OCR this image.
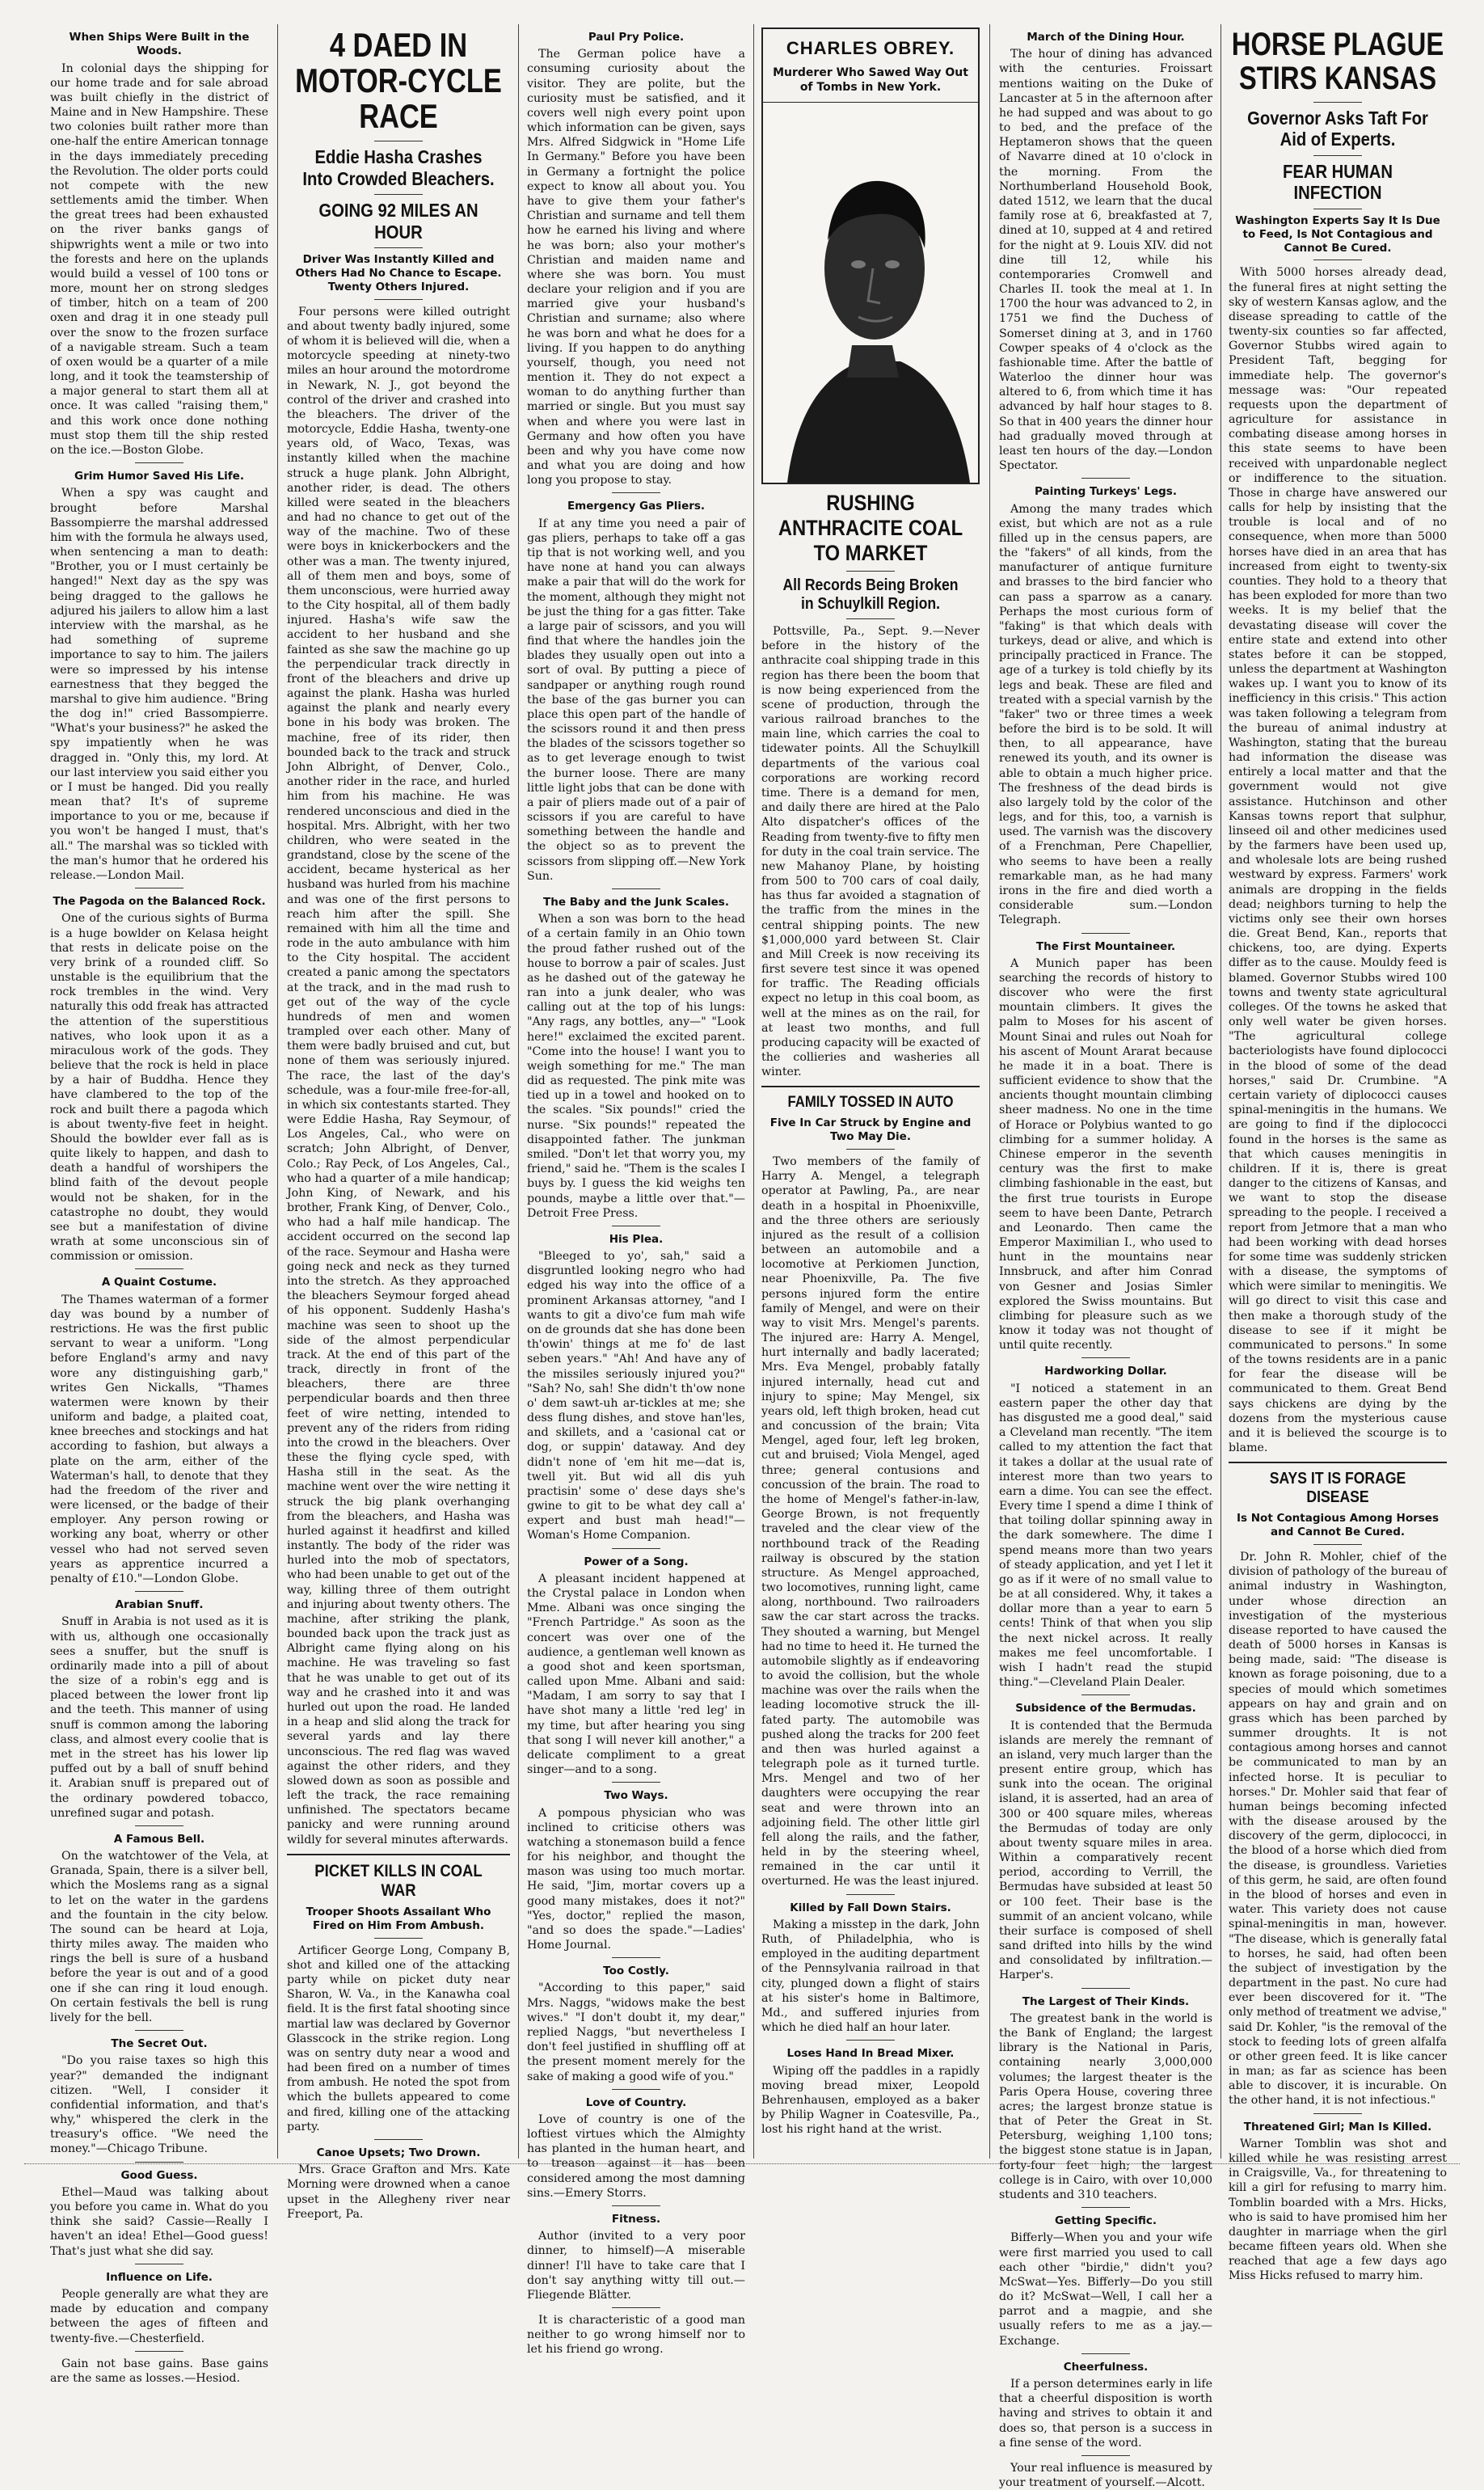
When Ships Were Built in the Woods.

In colonial days the shipping for our home trade and for sale abroad was built chiefly in the district of Maine and in New Hampshire. These two colonies built rather more than one-half the entire American tonnage in the days immediately preceding the Revolution. The older ports could not compete with the new settlements amid the timber. When the great trees had been exhausted on the river banks gangs of shipwrights went a mile or two into the forests and here on the uplands would build a vessel of 100 tons or more, mount her on strong sledges of timber, hitch on a team of 200 oxen and drag it in one steady pull over the snow to the frozen surface of a navigable stream. Such a team of oxen would be a quarter of a mile long, and it took the teamstership of a major general to start them all at once. It was called "raising them," and this work once done nothing must stop them till the ship rested on the ice.—Boston Globe.

Grim Humor Saved His Life.

When a spy was caught and brought before Marshal Bassompierre the marshal addressed him with the formula he always used, when sentencing a man to death: "Brother, you or I must certainly be hanged!" Next day as the spy was being dragged to the gallows he adjured his jailers to allow him a last interview with the marshal, as he had something of supreme importance to say to him. The jailers were so impressed by his intense earnestness that they begged the marshal to give him audience. "Bring the dog in!" cried Bassompierre. "What's your business?" he asked the spy impatiently when he was dragged in. "Only this, my lord. At our last interview you said either you or I must be hanged. Did you really mean that? It's of supreme importance to you or me, because if you won't be hanged I must, that's all." The marshal was so tickled with the man's humor that he ordered his release.—London Mail.

The Pagoda on the Balanced Rock.

One of the curious sights of Burma is a huge bowlder on Kelasa height that rests in delicate poise on the very brink of a rounded cliff. So unstable is the equilibrium that the rock trembles in the wind. Very naturally this odd freak has attracted the attention of the superstitious natives, who look upon it as a miraculous work of the gods. They believe that the rock is held in place by a hair of Buddha. Hence they have clambered to the top of the rock and built there a pagoda which is about twenty-five feet in height. Should the bowlder ever fall as is quite likely to happen, and dash to death a handful of worshipers the blind faith of the devout people would not be shaken, for in the catastrophe no doubt, they would see but a manifestation of divine wrath at some unconscious sin of commission or omission.

A Quaint Costume.

The Thames waterman of a former day was bound by a number of restrictions. He was the first public servant to wear a uniform. "Long before England's army and navy wore any distinguishing garb," writes Gen Nickalls, "Thames watermen were known by their uniform and badge, a plaited coat, knee breeches and stockings and hat according to fashion, but always a plate on the arm, either of the Waterman's hall, to denote that they had the freedom of the river and were licensed, or the badge of their employer. Any person rowing or working any boat, wherry or other vessel who had not served seven years as apprentice incurred a penalty of £10."—London Globe.

Arabian Snuff.

Snuff in Arabia is not used as it is with us, although one occasionally sees a snuffer, but the snuff is ordinarily made into a pill of about the size of a robin's egg and is placed between the lower front lip and the teeth. This manner of using snuff is common among the laboring class, and almost every coolie that is met in the street has his lower lip puffed out by a ball of snuff behind it. Arabian snuff is prepared out of the ordinary powdered tobacco, unrefined sugar and potash.

A Famous Bell.

On the watchtower of the Vela, at Granada, Spain, there is a silver bell, which the Moslems rang as a signal to let on the water in the gardens and the fountain in the city below. The sound can be heard at Loja, thirty miles away. The maiden who rings the bell is sure of a husband before the year is out and of a good one if she can ring it loud enough. On certain festivals the bell is rung lively for the bell.

The Secret Out.

"Do you raise taxes so high this year?" demanded the indignant citizen. "Well, I consider it confidential information, and that's why," whispered the clerk in the treasury's office. "We need the money."—Chicago Tribune.

Good Guess.

Ethel—Maud was talking about you before you came in. What do you think she said? Cassie—Really I haven't an idea! Ethel—Good guess! That's just what she did say.

Influence on Life.

People generally are what they are made by education and company between the ages of fifteen and twenty-five.—Chesterfield.

Gain not base gains. Base gains are the same as losses.—Hesiod.

4 DAED IN MOTOR-CYCLE RACE
Eddie Hasha Crashes Into Crowded Bleachers.
GOING 92 MILES AN HOUR
Driver Was Instantly Killed and Others Had No Chance to Escape. Twenty Others Injured.

Four persons were killed outright and about twenty badly injured, some of whom it is believed will die, when a motorcycle speeding at ninety-two miles an hour around the motordrome in Newark, N. J., got beyond the control of the driver and crashed into the bleachers. The driver of the motorcycle, Eddie Hasha, twenty-one years old, of Waco, Texas, was instantly killed when the machine struck a huge plank. John Albright, another rider, is dead. The others killed were seated in the bleachers and had no chance to get out of the way of the machine. Two of these were boys in knickerbockers and the other was a man. The twenty injured, all of them men and boys, some of them unconscious, were hurried away to the City hospital, all of them badly injured. Hasha's wife saw the accident to her husband and she fainted as she saw the machine go up the perpendicular track directly in front of the bleachers and drive up against the plank. Hasha was hurled against the plank and nearly every bone in his body was broken. The machine, free of its rider, then bounded back to the track and struck John Albright, of Denver, Colo., another rider in the race, and hurled him from his machine. He was rendered unconscious and died in the hospital. Mrs. Albright, with her two children, who were seated in the grandstand, close by the scene of the accident, became hysterical as her husband was hurled from his machine and was one of the first persons to reach him after the spill. She remained with him all the time and rode in the auto ambulance with him to the City hospital. The accident created a panic among the spectators at the track, and in the mad rush to get out of the way of the cycle hundreds of men and women trampled over each other. Many of them were badly bruised and cut, but none of them was seriously injured. The race, the last of the day's schedule, was a four-mile free-for-all, in which six contestants started. They were Eddie Hasha, Ray Seymour, of Los Angeles, Cal., who were on scratch; John Albright, of Denver, Colo.; Ray Peck, of Los Angeles, Cal., who had a quarter of a mile handicap; John King, of Newark, and his brother, Frank King, of Denver, Colo., who had a half mile handicap. The accident occurred on the second lap of the race. Seymour and Hasha were going neck and neck as they turned into the stretch. As they approached the bleachers Seymour forged ahead of his opponent. Suddenly Hasha's machine was seen to shoot up the side of the almost perpendicular track. At the end of this part of the track, directly in front of the bleachers, there are three perpendicular boards and then three feet of wire netting, intended to prevent any of the riders from riding into the crowd in the bleachers. Over these the flying cycle sped, with Hasha still in the seat. As the machine went over the wire netting it struck the big plank overhanging from the bleachers, and Hasha was hurled against it headfirst and killed instantly. The body of the rider was hurled into the mob of spectators, who had been unable to get out of the way, killing three of them outright and injuring about twenty others. The machine, after striking the plank, bounded back upon the track just as Albright came flying along on his machine. He was traveling so fast that he was unable to get out of its way and he crashed into it and was hurled out upon the road. He landed in a heap and slid along the track for several yards and lay there unconscious. The red flag was waved against the other riders, and they slowed down as soon as possible and left the track, the race remaining unfinished. The spectators became panicky and were running around wildly for several minutes afterwards.

PICKET KILLS IN COAL WAR
Trooper Shoots Assailant Who Fired on Him From Ambush.

Artificer George Long, Company B, shot and killed one of the attacking party while on picket duty near Sharon, W. Va., in the Kanawha coal field. It is the first fatal shooting since martial law was declared by Governor Glasscock in the strike region. Long was on sentry duty near a wood and had been fired on a number of times from ambush. He noted the spot from which the bullets appeared to come and fired, killing one of the attacking party.

Canoe Upsets; Two Drown.

Mrs. Grace Grafton and Mrs. Kate Morning were drowned when a canoe upset in the Allegheny river near Freeport, Pa.

Paul Pry Police.

The German police have a consuming curiosity about the visitor. They are polite, but the curiosity must be satisfied, and it covers well nigh every point upon which information can be given, says Mrs. Alfred Sidgwick in "Home Life In Germany." Before you have been in Germany a fortnight the police expect to know all about you. You have to give them your father's Christian and surname and tell them how he earned his living and where he was born; also your mother's Christian and maiden name and where she was born. You must declare your religion and if you are married give your husband's Christian and surname; also where he was born and what he does for a living. If you happen to do anything yourself, though, you need not mention it. They do not expect a woman to do anything further than married or single. But you must say when and where you were last in Germany and how often you have been and why you have come now and what you are doing and how long you propose to stay.

Emergency Gas Pliers.

If at any time you need a pair of gas pliers, perhaps to take off a gas tip that is not working well, and you have none at hand you can always make a pair that will do the work for the moment, although they might not be just the thing for a gas fitter. Take a large pair of scissors, and you will find that where the handles join the blades they usually open out into a sort of oval. By putting a piece of sandpaper or anything rough round the base of the gas burner you can place this open part of the handle of the scissors round it and then press the blades of the scissors together so as to get leverage enough to twist the burner loose. There are many little light jobs that can be done with a pair of pliers made out of a pair of scissors if you are careful to have something between the handle and the object so as to prevent the scissors from slipping off.—New York Sun.

The Baby and the Junk Scales.

When a son was born to the head of a certain family in an Ohio town the proud father rushed out of the house to borrow a pair of scales. Just as he dashed out of the gateway he ran into a junk dealer, who was calling out at the top of his lungs: "Any rags, any bottles, any—" "Look here!" exclaimed the excited parent. "Come into the house! I want you to weigh something for me." The man did as requested. The pink mite was tied up in a towel and hooked on to the scales. "Six pounds!" cried the nurse. "Six pounds!" repeated the disappointed father. The junkman smiled. "Don't let that worry you, my friend," said he. "Them is the scales I buys by. I guess the kid weighs ten pounds, maybe a little over that."—Detroit Free Press.

His Plea.

"Bleeged to yo', sah," said a disgruntled looking negro who had edged his way into the office of a prominent Arkansas attorney, "and I wants to git a divo'ce fum mah wife on de grounds dat she has done been th'owin' things at me fo' de last seben years." "Ah! And have any of the missiles seriously injured you?" "Sah? No, sah! She didn't th'ow none o' dem sawt-uh ar-tickles at me; she dess flung dishes, and stove han'les, and skillets, and a 'casional cat or dog, or suppin' dataway. And dey didn't none of 'em hit me—dat is, twell yit. But wid all dis yuh practisin' some o' dese days she's gwine to git to be what dey call a' expert and bust mah head!"—Woman's Home Companion.

Power of a Song.

A pleasant incident happened at the Crystal palace in London when Mme. Albani was once singing the "French Partridge." As soon as the concert was over one of the audience, a gentleman well known as a good shot and keen sportsman, called upon Mme. Albani and said: "Madam, I am sorry to say that I have shot many a little 'red leg' in my time, but after hearing you sing that song I will never kill another," a delicate compliment to a great singer—and to a song.

Two Ways.

A pompous physician who was inclined to criticise others was watching a stonemason build a fence for his neighbor, and thought the mason was using too much mortar. He said, "Jim, mortar covers up a good many mistakes, does it not?" "Yes, doctor," replied the mason, "and so does the spade."—Ladies' Home Journal.

Too Costly.

"According to this paper," said Mrs. Naggs, "widows make the best wives." "I don't doubt it, my dear," replied Naggs, "but nevertheless I don't feel justified in shuffling off at the present moment merely for the sake of making a good wife of you."

Love of Country.

Love of country is one of the loftiest virtues which the Almighty has planted in the human heart, and to treason against it has been considered among the most damning sins.—Emery Storrs.

Fitness.

Author (invited to a very poor dinner, to himself)—A miserable dinner! I'll have to take care that I don't say anything witty till out.—Fliegende Blätter.

It is characteristic of a good man neither to go wrong himself nor to let his friend go wrong.

CHARLES OBREY.
Murderer Who Sawed Way Out of Tombs in New York.
RUSHING ANTHRACITE COAL TO MARKET
All Records Being Broken in Schuylkill Region.

Pottsville, Pa., Sept. 9.—Never before in the history of the anthracite coal shipping trade in this region has there been the boom that is now being experienced from the scene of production, through the various railroad branches to the main line, which carries the coal to tidewater points. All the Schuylkill departments of the various coal corporations are working record time. There is a demand for men, and daily there are hired at the Palo Alto dispatcher's offices of the Reading from twenty-five to fifty men for duty in the coal train service. The new Mahanoy Plane, by hoisting from 500 to 700 cars of coal daily, has thus far avoided a stagnation of the traffic from the mines in the central shipping points. The new $1,000,000 yard between St. Clair and Mill Creek is now receiving its first severe test since it was opened for traffic. The Reading officials expect no letup in this coal boom, as well at the mines as on the rail, for at least two months, and full producing capacity will be exacted of the collieries and washeries all winter.

FAMILY TOSSED IN AUTO
Five In Car Struck by Engine and Two May Die.

Two members of the family of Harry A. Mengel, a telegraph operator at Pawling, Pa., are near death in a hospital in Phoenixville, and the three others are seriously injured as the result of a collision between an automobile and a locomotive at Perkiomen Junction, near Phoenixville, Pa. The five persons injured form the entire family of Mengel, and were on their way to visit Mrs. Mengel's parents. The injured are: Harry A. Mengel, hurt internally and badly lacerated; Mrs. Eva Mengel, probably fatally injured internally, head cut and injury to spine; May Mengel, six years old, left thigh broken, head cut and concussion of the brain; Vita Mengel, aged four, left leg broken, cut and bruised; Viola Mengel, aged three; general contusions and concussion of the brain. The road to the home of Mengel's father-in-law, George Brown, is not frequently traveled and the clear view of the northbound track of the Reading railway is obscured by the station structure. As Mengel approached, two locomotives, running light, came along, northbound. Two railroaders saw the car start across the tracks. They shouted a warning, but Mengel had no time to heed it. He turned the automobile slightly as if endeavoring to avoid the collision, but the whole machine was over the rails when the leading locomotive struck the ill-fated party. The automobile was pushed along the tracks for 200 feet and then was hurled against a telegraph pole as it turned turtle. Mrs. Mengel and two of her daughters were occupying the rear seat and were thrown into an adjoining field. The other little girl fell along the rails, and the father, held in by the steering wheel, remained in the car until it overturned. He was the least injured.

Killed by Fall Down Stairs.

Making a misstep in the dark, John Ruth, of Philadelphia, who is employed in the auditing department of the Pennsylvania railroad in that city, plunged down a flight of stairs at his sister's home in Baltimore, Md., and suffered injuries from which he died half an hour later.

Loses Hand In Bread Mixer.

Wiping off the paddles in a rapidly moving bread mixer, Leopold Behrenhausen, employed as a baker by Philip Wagner in Coatesville, Pa., lost his right hand at the wrist.

March of the Dining Hour.

The hour of dining has advanced with the centuries. Froissart mentions waiting on the Duke of Lancaster at 5 in the afternoon after he had supped and was about to go to bed, and the preface of the Heptameron shows that the queen of Navarre dined at 10 o'clock in the morning. From the Northumberland Household Book, dated 1512, we learn that the ducal family rose at 6, breakfasted at 7, dined at 10, supped at 4 and retired for the night at 9. Louis XIV. did not dine till 12, while his contemporaries Cromwell and Charles II. took the meal at 1. In 1700 the hour was advanced to 2, in 1751 we find the Duchess of Somerset dining at 3, and in 1760 Cowper speaks of 4 o'clock as the fashionable time. After the battle of Waterloo the dinner hour was altered to 6, from which time it has advanced by half hour stages to 8. So that in 400 years the dinner hour had gradually moved through at least ten hours of the day.—London Spectator.

Painting Turkeys' Legs.

Among the many trades which exist, but which are not as a rule filled up in the census papers, are the "fakers" of all kinds, from the manufacturer of antique furniture and brasses to the bird fancier who can pass a sparrow as a canary. Perhaps the most curious form of "faking" is that which deals with turkeys, dead or alive, and which is principally practiced in France. The age of a turkey is told chiefly by its legs and beak. These are filed and treated with a special varnish by the "faker" two or three times a week before the bird is to be sold. It will then, to all appearance, have renewed its youth, and its owner is able to obtain a much higher price. The freshness of the dead birds is also largely told by the color of the legs, and for this, too, a varnish is used. The varnish was the discovery of a Frenchman, Pere Chapellier, who seems to have been a really remarkable man, as he had many irons in the fire and died worth a considerable sum.—London Telegraph.

The First Mountaineer.

A Munich paper has been searching the records of history to discover who were the first mountain climbers. It gives the palm to Moses for his ascent of Mount Sinai and rules out Noah for his ascent of Mount Ararat because he made it in a boat. There is sufficient evidence to show that the ancients thought mountain climbing sheer madness. No one in the time of Horace or Polybius wanted to go climbing for a summer holiday. A Chinese emperor in the seventh century was the first to make climbing fashionable in the east, but the first true tourists in Europe seem to have been Dante, Petrarch and Leonardo. Then came the Emperor Maximilian I., who used to hunt in the mountains near Innsbruck, and after him Conrad von Gesner and Josias Simler explored the Swiss mountains. But climbing for pleasure such as we know it today was not thought of until quite recently.

Hardworking Dollar.

"I noticed a statement in an eastern paper the other day that has disgusted me a good deal," said a Cleveland man recently. "The item called to my attention the fact that it takes a dollar at the usual rate of interest more than two years to earn a dime. You can see the effect. Every time I spend a dime I think of that toiling dollar spinning away in the dark somewhere. The dime I spend means more than two years of steady application, and yet I let it go as if it were of no small value to be at all considered. Why, it takes a dollar more than a year to earn 5 cents! Think of that when you slip the next nickel across. It really makes me feel uncomfortable. I wish I hadn't read the stupid thing."—Cleveland Plain Dealer.

Subsidence of the Bermudas.

It is contended that the Bermuda islands are merely the remnant of an island, very much larger than the present entire group, which has sunk into the ocean. The original island, it is asserted, had an area of 300 or 400 square miles, whereas the Bermudas of today are only about twenty square miles in area. Within a comparatively recent period, according to Verrill, the Bermudas have subsided at least 50 or 100 feet. Their base is the summit of an ancient volcano, while their surface is composed of shell sand drifted into hills by the wind and consolidated by infiltration.—Harper's.

The Largest of Their Kinds.

The greatest bank in the world is the Bank of England; the largest library is the National in Paris, containing nearly 3,000,000 volumes; the largest theater is the Paris Opera House, covering three acres; the largest bronze statue is that of Peter the Great in St. Petersburg, weighing 1,100 tons; the biggest stone statue is in Japan, forty-four feet high; the largest college is in Cairo, with over 10,000 students and 310 teachers.

Getting Specific.

Bifferly—When you and your wife were first married you used to call each other "birdie," didn't you? McSwat—Yes. Bifferly—Do you still do it? McSwat—Well, I call her a parrot and a magpie, and she usually refers to me as a jay.—Exchange.

Cheerfulness.

If a person determines early in life that a cheerful disposition is worth having and strives to obtain it and does so, that person is a success in a fine sense of the word.

Your real influence is measured by your treatment of yourself.—Alcott.

HORSE PLAGUE STIRS KANSAS
Governor Asks Taft For Aid of Experts.
FEAR HUMAN INFECTION
Washington Experts Say It Is Due to Feed, Is Not Contagious and Cannot Be Cured.

With 5000 horses already dead, the funeral fires at night setting the sky of western Kansas aglow, and the disease spreading to cattle of the twenty-six counties so far affected, Governor Stubbs wired again to President Taft, begging for immediate help. The governor's message was: "Our repeated requests upon the department of agriculture for assistance in combating disease among horses in this state seems to have been received with unpardonable neglect or indifference to the situation. Those in charge have answered our calls for help by insisting that the trouble is local and of no consequence, when more than 5000 horses have died in an area that has increased from eight to twenty-six counties. They hold to a theory that has been exploded for more than two weeks. It is my belief that the devastating disease will cover the entire state and extend into other states before it can be stopped, unless the department at Washington wakes up. I want you to know of its inefficiency in this crisis." This action was taken following a telegram from the bureau of animal industry at Washington, stating that the bureau had information the disease was entirely a local matter and that the government would not give assistance. Hutchinson and other Kansas towns report that sulphur, linseed oil and other medicines used by the farmers have been used up, and wholesale lots are being rushed westward by express. Farmers' work animals are dropping in the fields dead; neighbors turning to help the victims only see their own horses die. Great Bend, Kan., reports that chickens, too, are dying. Experts differ as to the cause. Mouldy feed is blamed. Governor Stubbs wired 100 towns and twenty state agricultural colleges. Of the towns he asked that only well water be given horses. "The agricultural college bacteriologists have found diplococci in the blood of some of the dead horses," said Dr. Crumbine. "A certain variety of diplococci causes spinal-meningitis in the humans. We are going to find if the diplococci found in the horses is the same as that which causes meningitis in children. If it is, there is great danger to the citizens of Kansas, and we want to stop the disease spreading to the people. I received a report from Jetmore that a man who had been working with dead horses for some time was suddenly stricken with a disease, the symptoms of which were similar to meningitis. We will go direct to visit this case and then make a thorough study of the disease to see if it might be communicated to persons." In some of the towns residents are in a panic for fear the disease will be communicated to them. Great Bend says chickens are dying by the dozens from the mysterious cause and it is believed the scourge is to blame.

SAYS IT IS FORAGE DISEASE
Is Not Contagious Among Horses and Cannot Be Cured.

Dr. John R. Mohler, chief of the division of pathology of the bureau of animal industry in Washington, under whose direction an investigation of the mysterious disease reported to have caused the death of 5000 horses in Kansas is being made, said: "The disease is known as forage poisoning, due to a species of mould which sometimes appears on hay and grain and on grass which has been parched by summer droughts. It is not contagious among horses and cannot be communicated to man by an infected horse. It is peculiar to horses." Dr. Mohler said that fear of human beings becoming infected with the disease aroused by the discovery of the germ, diplococci, in the blood of a horse which died from the disease, is groundless. Varieties of this germ, he said, are often found in the blood of horses and even in water. This variety does not cause spinal-meningitis in man, however. "The disease, which is generally fatal to horses, he said, had often been the subject of investigation by the department in the past. No cure had ever been discovered for it. "The only method of treatment we advise," said Dr. Kohler, "is the removal of the stock to feeding lots of green alfalfa or other green feed. It is like cancer in man; as far as science has been able to discover, it is incurable. On the other hand, it is not infectious."

Threatened Girl; Man Is Killed.

Warner Tomblin was shot and killed while he was resisting arrest in Craigsville, Va., for threatening to kill a girl for refusing to marry him. Tomblin boarded with a Mrs. Hicks, who is said to have promised him her daughter in marriage when the girl became fifteen years old. When she reached that age a few days ago Miss Hicks refused to marry him.
